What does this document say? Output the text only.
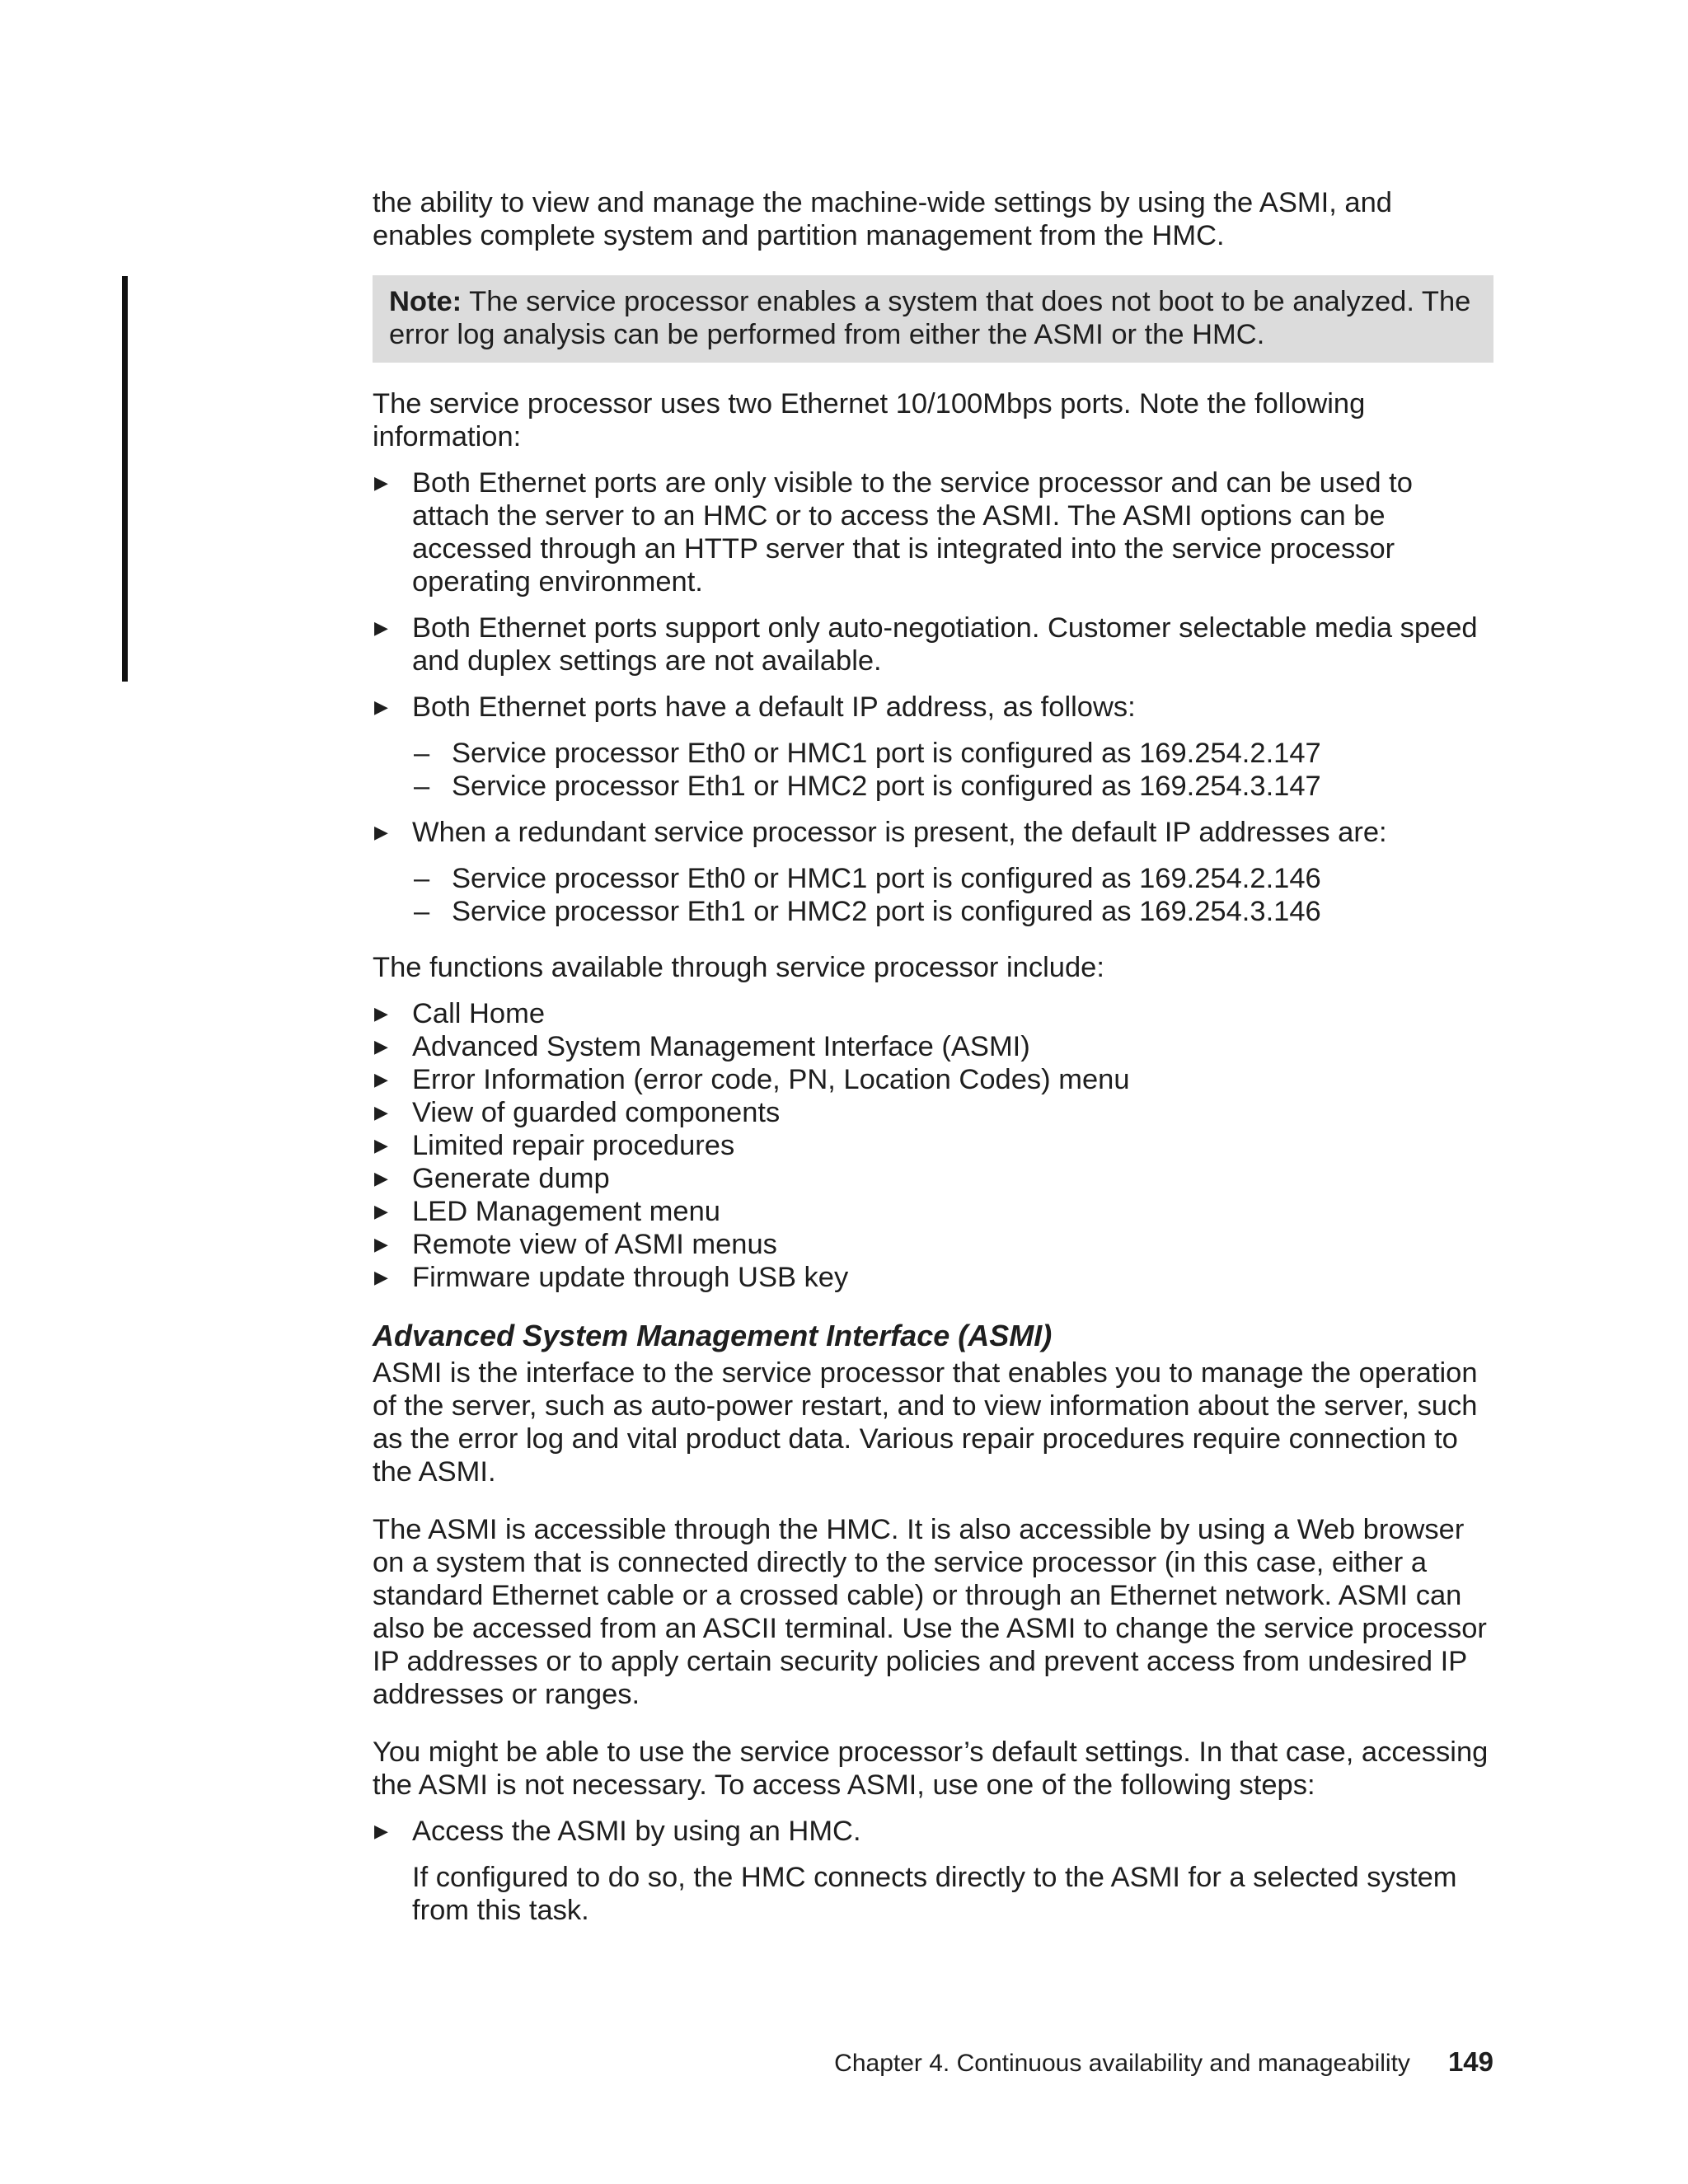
the ability to view and manage the machine-wide settings by using the ASMI, and enables complete system and partition management from the HMC.

Note: The service processor enables a system that does not boot to be analyzed. The error log analysis can be performed from either the ASMI or the HMC.

The service processor uses two Ethernet 10/100Mbps ports. Note the following information:

▶ Both Ethernet ports are only visible to the service processor and can be used to attach the server to an HMC or to access the ASMI. The ASMI options can be accessed through an HTTP server that is integrated into the service processor operating environment.
▶ Both Ethernet ports support only auto-negotiation. Customer selectable media speed and duplex settings are not available.
▶ Both Ethernet ports have a default IP address, as follows:
– Service processor Eth0 or HMC1 port is configured as 169.254.2.147
– Service processor Eth1 or HMC2 port is configured as 169.254.3.147
▶ When a redundant service processor is present, the default IP addresses are:
– Service processor Eth0 or HMC1 port is configured as 169.254.2.146
– Service processor Eth1 or HMC2 port is configured as 169.254.3.146

The functions available through service processor include:

▶ Call Home
▶ Advanced System Management Interface (ASMI)
▶ Error Information (error code, PN, Location Codes) menu
▶ View of guarded components
▶ Limited repair procedures
▶ Generate dump
▶ LED Management menu
▶ Remote view of ASMI menus
▶ Firmware update through USB key
Advanced System Management Interface (ASMI)

ASMI is the interface to the service processor that enables you to manage the operation of the server, such as auto-power restart, and to view information about the server, such as the error log and vital product data. Various repair procedures require connection to the ASMI.

The ASMI is accessible through the HMC. It is also accessible by using a Web browser on a system that is connected directly to the service processor (in this case, either a standard Ethernet cable or a crossed cable) or through an Ethernet network. ASMI can also be accessed from an ASCII terminal. Use the ASMI to change the service processor IP addresses or to apply certain security policies and prevent access from undesired IP addresses or ranges.

You might be able to use the service processor’s default settings. In that case, accessing the ASMI is not necessary. To access ASMI, use one of the following steps:

▶ Access the ASMI by using an HMC.

If configured to do so, the HMC connects directly to the ASMI for a selected system from this task.

Chapter 4. Continuous availability and manageability 149
